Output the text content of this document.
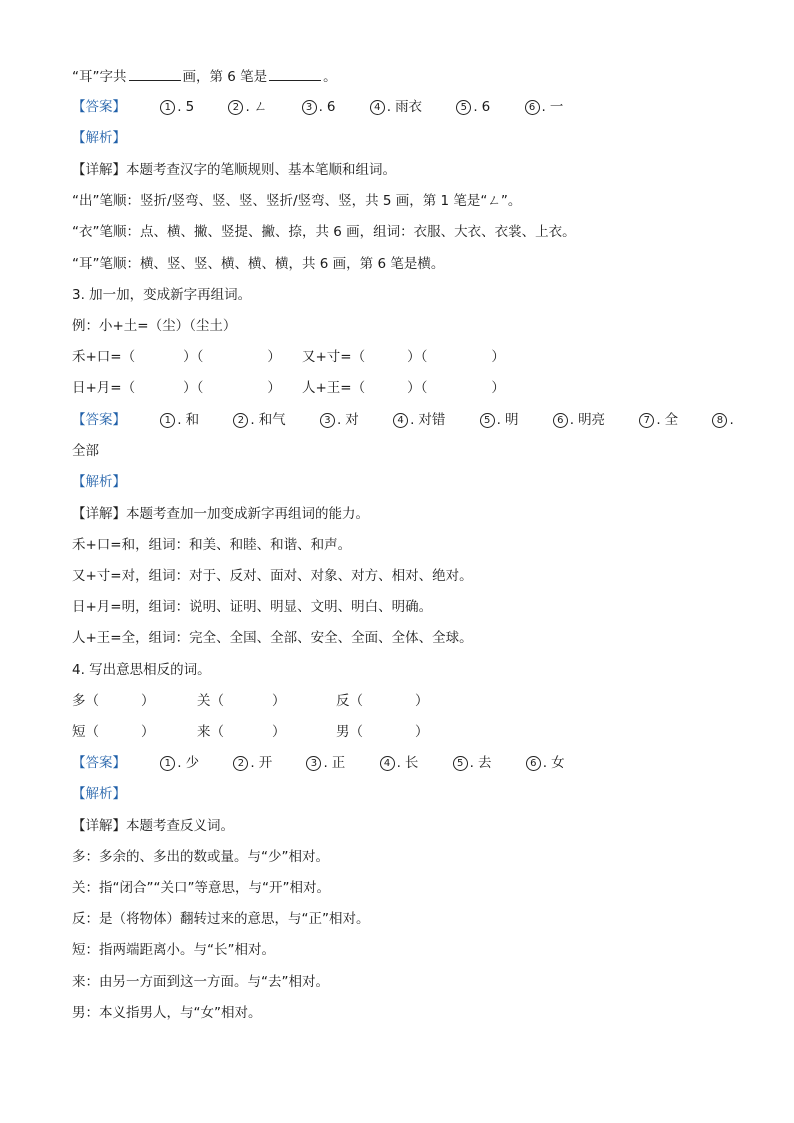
“耳”字共	画，第 6 笔是	。
【答案】	1 . 5	2 . ㄥ	3 . 6	4 . 雨衣	5 . 6	6 . 一
【解析】
【详解】本题考查汉字的笔顺规则、基本笔顺和组词。
“出”笔顺：竖折/竖弯、竖、竖、竖折/竖弯、竖，共 5 画，第 1 笔是“ㄥ”。
“衣”笔顺：点、横、撇、竖提、撇、捺，共 6 画，组词：衣服、大衣、衣裳、上衣。
“耳”笔顺：横、竖、竖、横、横、横，共 6 画，第 6 笔是横。
3. 加一加，变成新字再组词。
例：小+土=（尘）（尘土）
禾+口=（	）（	） 又+寸=（	）（	）
日+月=（	）（	） 人+王=（	）（	）
【答案】	1 . 和	2 . 和气	3 . 对	4 . 对错	5 . 明	6 . 明亮	7 . 全	8 .
全部
【解析】
【详解】本题考查加一加变成新字再组词的能力。
禾+口=和，组词：和美、和睦、和谐、和声。
又+寸=对，组词：对于、反对、面对、对象、对方、相对、绝对。
日+月=明，组词：说明、证明、明显、文明、明白、明确。
人+王=全，组词：完全、全国、全部、安全、全面、全体、全球。
4. 写出意思相反的词。
多（	）	关（	）	反（	）
短（	）	来（	）	男（	）
【答案】	1 . 少	2 . 开	3 . 正	4 . 长	5 . 去	6 . 女
【解析】
【详解】本题考查反义词。
多：多余的、多出的数或量。与“少”相对。
关：指“闭合”“关口”等意思，与“开”相对。
反：是（将物体）翻转过来的意思，与“正”相对。
短：指两端距离小。与“长”相对。
来：由另一方面到这一方面。与“去”相对。
男：本义指男人，与“女”相对。
